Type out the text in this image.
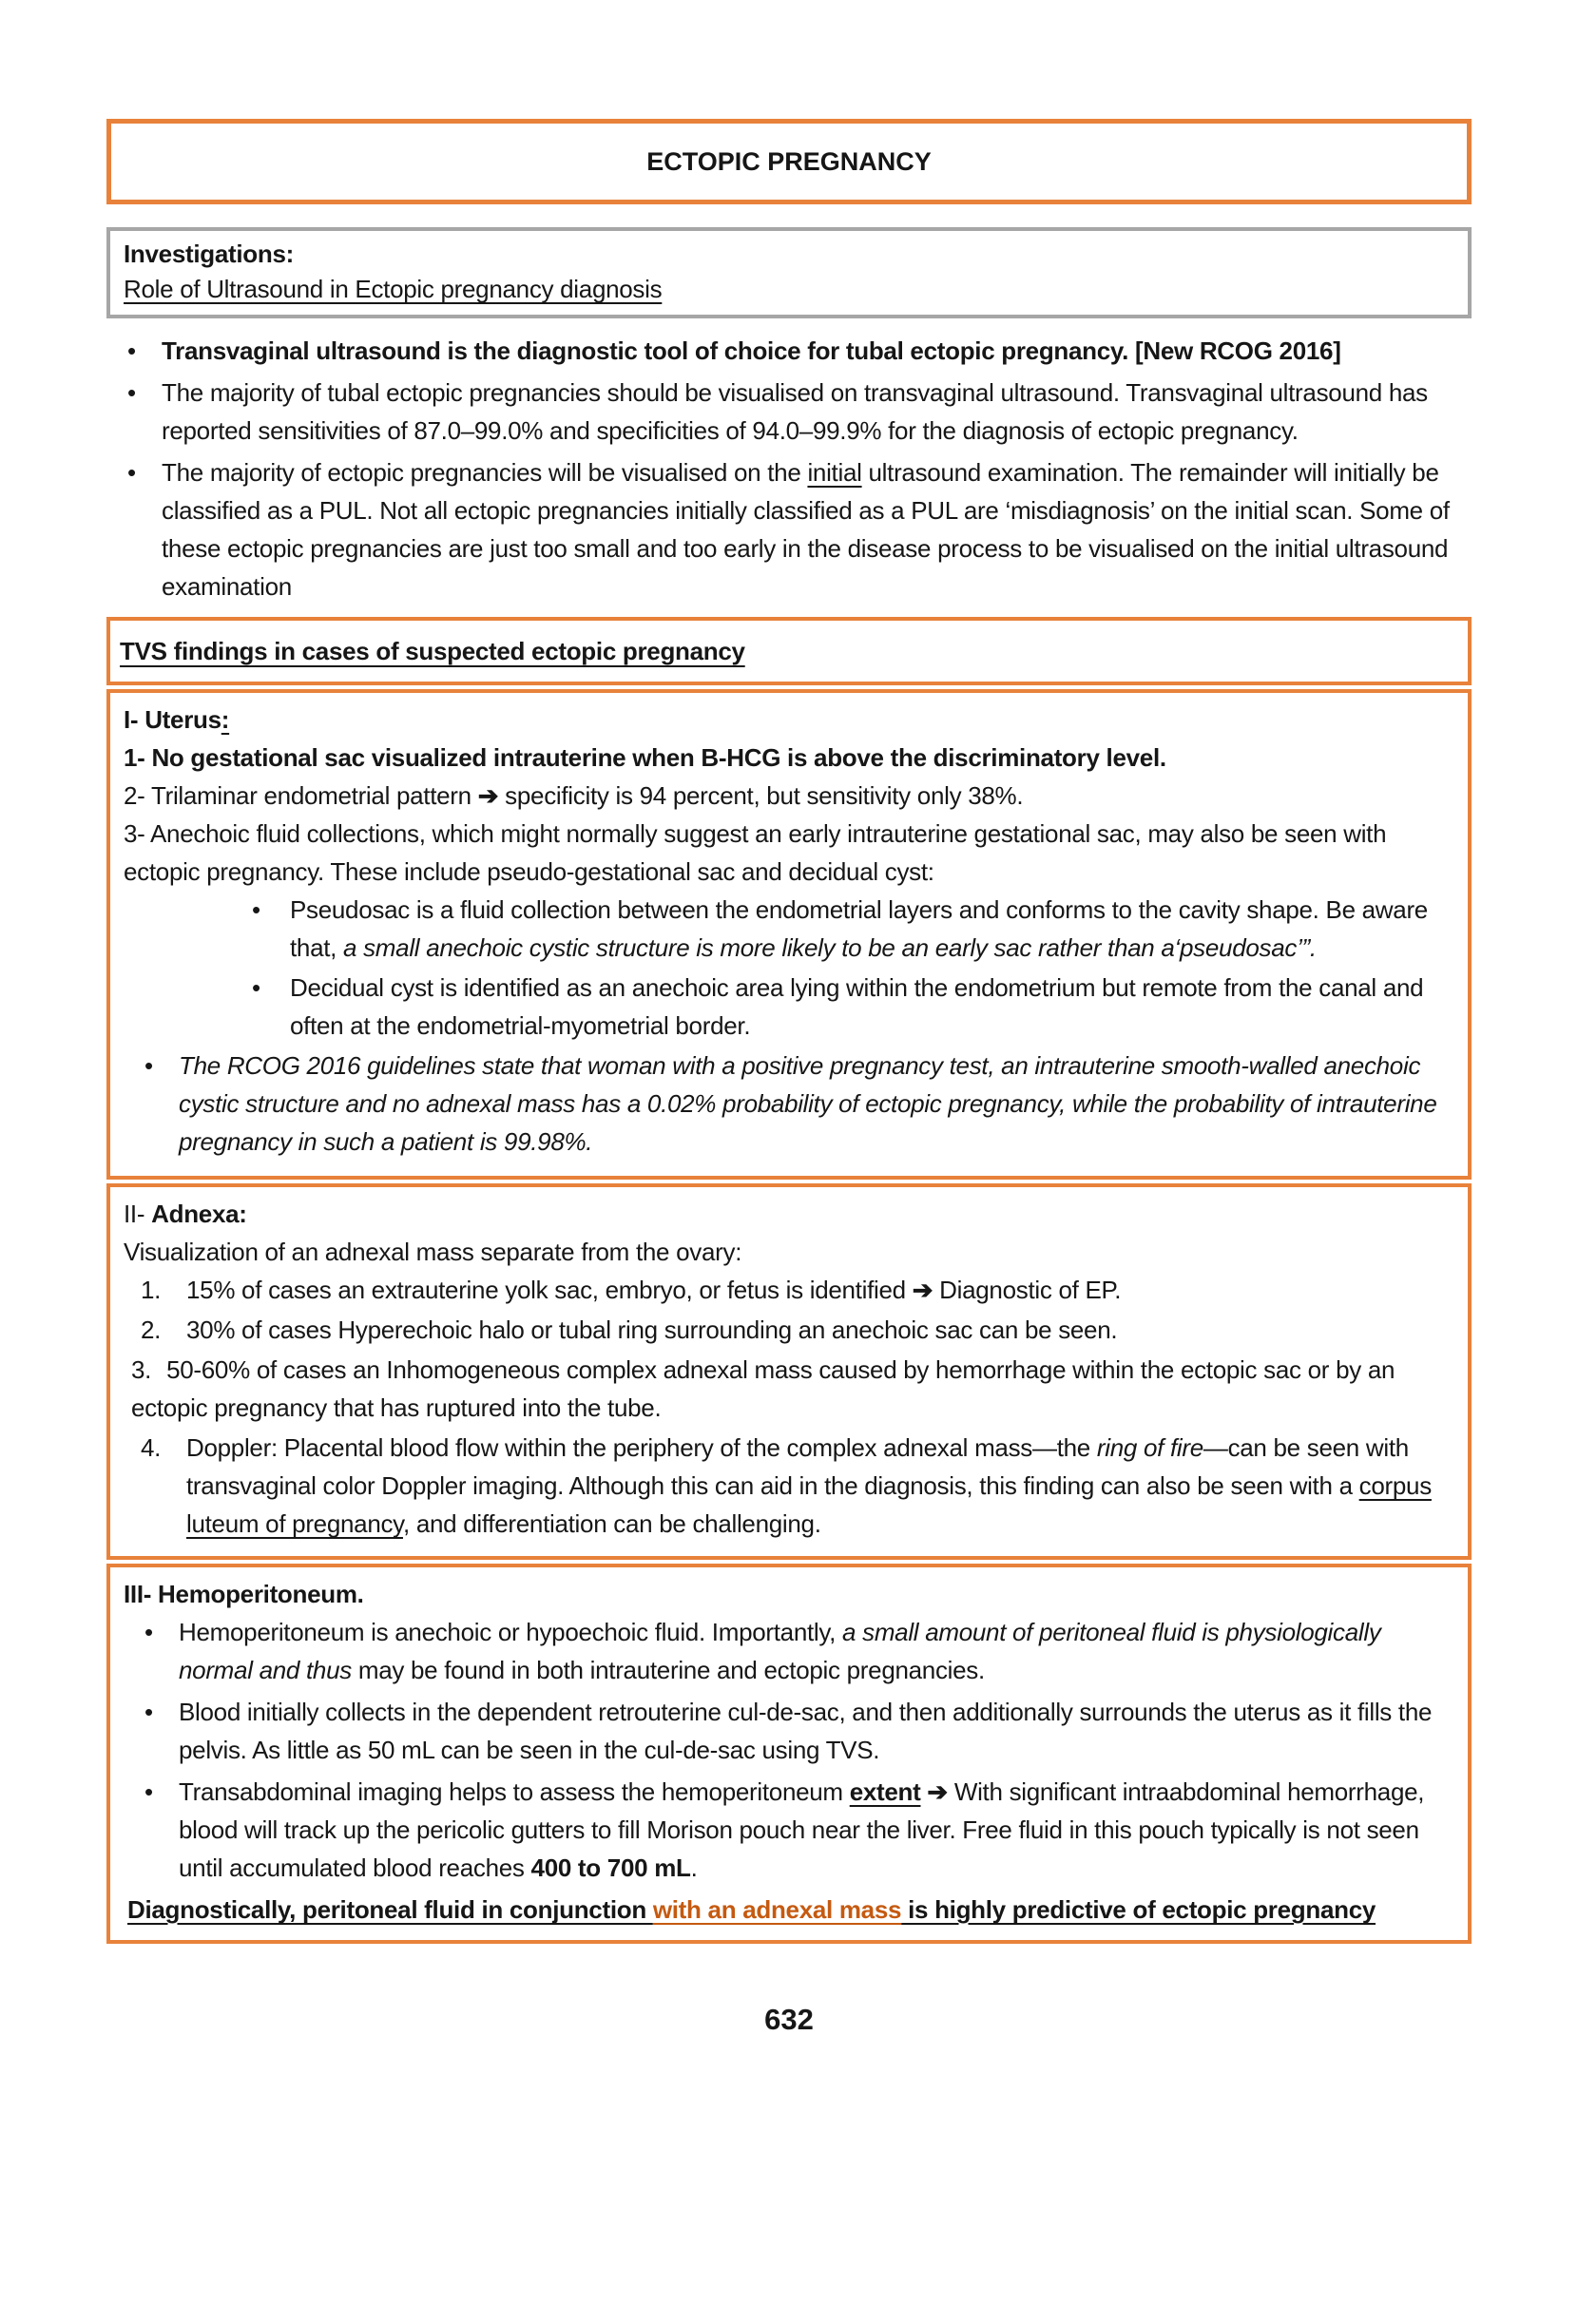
ECTOPIC PREGNANCY
Investigations:
Role of Ultrasound in Ectopic pregnancy diagnosis
• Transvaginal ultrasound is the diagnostic tool of choice for tubal ectopic pregnancy. [New RCOG 2016]
• The majority of tubal ectopic pregnancies should be visualised on transvaginal ultrasound. Transvaginal ultrasound has reported sensitivities of 87.0–99.0% and specificities of 94.0–99.9% for the diagnosis of ectopic pregnancy.
• The majority of ectopic pregnancies will be visualised on the initial ultrasound examination. The remainder will initially be classified as a PUL. Not all ectopic pregnancies initially classified as a PUL are ‘misdiagnosis’ on the initial scan. Some of these ectopic pregnancies are just too small and too early in the disease process to be visualised on the initial ultrasound examination
TVS findings in cases of suspected ectopic pregnancy
I- Uterus:
1- No gestational sac visualized intrauterine when B-HCG is above the discriminatory level.
2- Trilaminar endometrial pattern ➔ specificity is 94 percent, but sensitivity only 38%.
3- Anechoic fluid collections, which might normally suggest an early intrauterine gestational sac, may also be seen with ectopic pregnancy. These include pseudo-gestational sac and decidual cyst:
• Pseudosac is a fluid collection between the endometrial layers and conforms to the cavity shape. Be aware that, a small anechoic cystic structure is more likely to be an early sac rather than a‘pseudosac’”.
• Decidual cyst is identified as an anechoic area lying within the endometrium but remote from the canal and often at the endometrial-myometrial border.
• The RCOG 2016 guidelines state that woman with a positive pregnancy test, an intrauterine smooth-walled anechoic cystic structure and no adnexal mass has a 0.02% probability of ectopic pregnancy, while the probability of intrauterine pregnancy in such a patient is 99.98%.
II- Adnexa:
Visualization of an adnexal mass separate from the ovary:
1. 15% of cases an extrauterine yolk sac, embryo, or fetus is identified ➔ Diagnostic of EP.
2. 30% of cases Hyperechoic halo or tubal ring surrounding an anechoic sac can be seen.
3. 50-60% of cases an Inhomogeneous complex adnexal mass caused by hemorrhage within the ectopic sac or by an ectopic pregnancy that has ruptured into the tube.
4. Doppler: Placental blood flow within the periphery of the complex adnexal mass—the ring of fire—can be seen with transvaginal color Doppler imaging. Although this can aid in the diagnosis, this finding can also be seen with a corpus luteum of pregnancy, and differentiation can be challenging.
III- Hemoperitoneum.
• Hemoperitoneum is anechoic or hypoechoic fluid. Importantly, a small amount of peritoneal fluid is physiologically normal and thus may be found in both intrauterine and ectopic pregnancies.
• Blood initially collects in the dependent retrouterine cul-de-sac, and then additionally surrounds the uterus as it fills the pelvis. As little as 50 mL can be seen in the cul-de-sac using TVS.
• Transabdominal imaging helps to assess the hemoperitoneum extent ➔ With significant intraabdominal hemorrhage, blood will track up the pericolic gutters to fill Morison pouch near the liver. Free fluid in this pouch typically is not seen until accumulated blood reaches 400 to 700 mL.
Diagnostically, peritoneal fluid in conjunction with an adnexal mass is highly predictive of ectopic pregnancy
632
